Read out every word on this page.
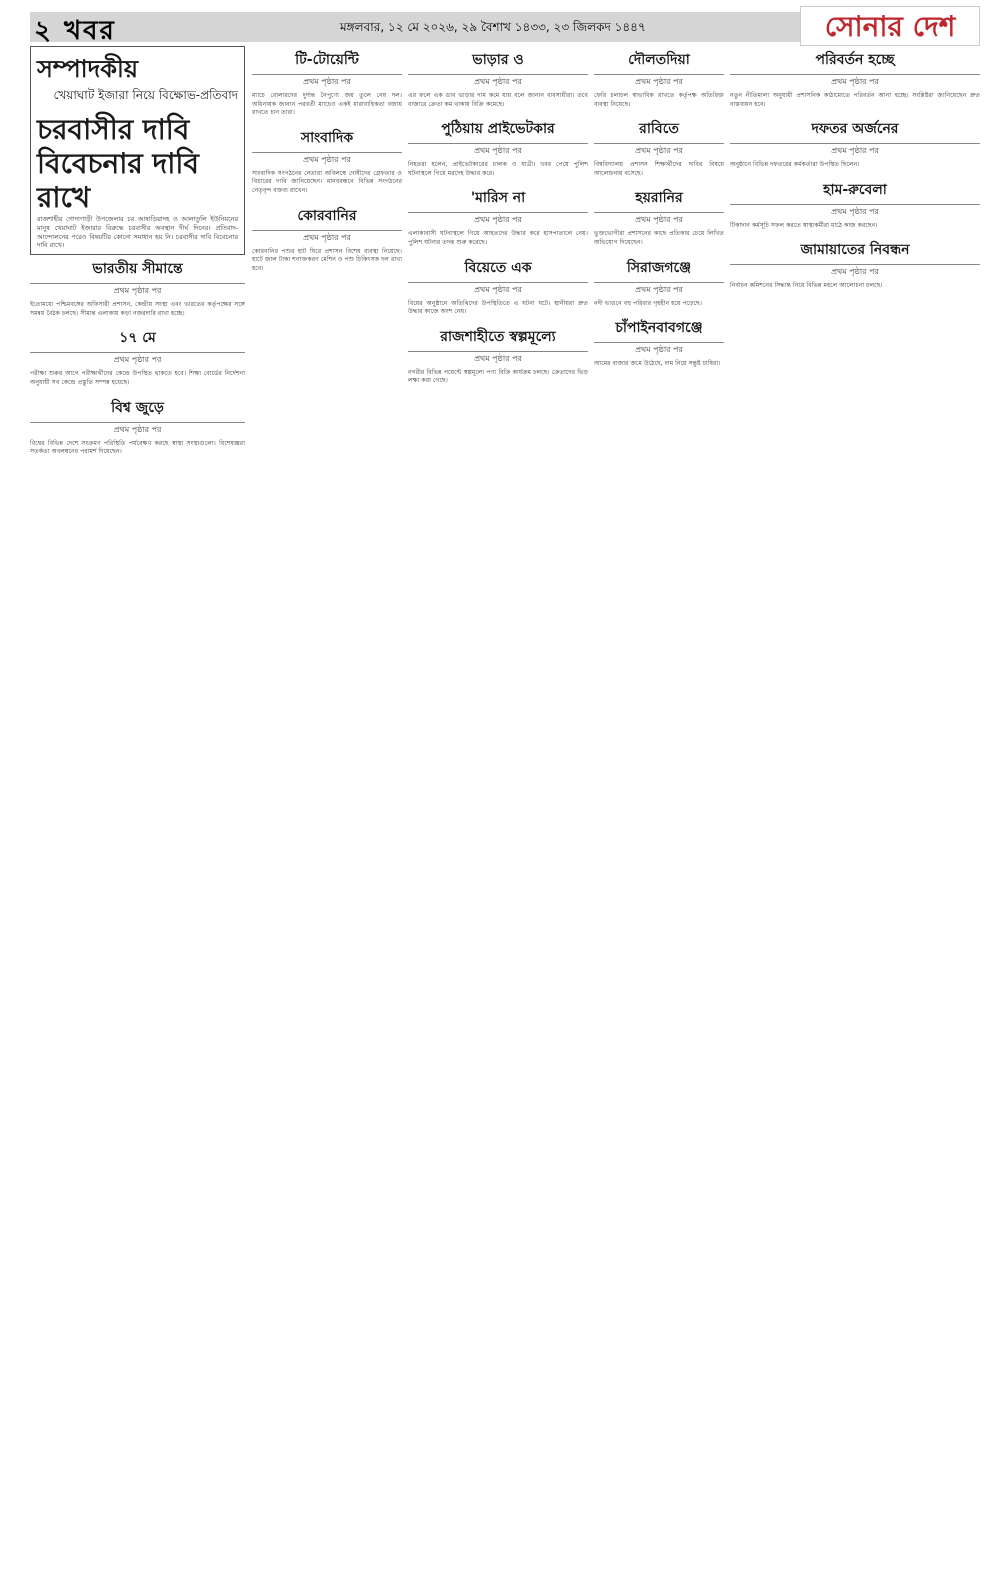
২ খবর	মঙ্গলবার, ১২ মে ২০২৬, ২৯ বৈশাখ ১৪৩৩, ২৩ জিলকদ ১৪৪৭	সোনার দেশ
সম্পাদকীয়
খেয়াঘাট ইজারা নিয়ে বিক্ষোভ-প্রতিবাদ
চরবাসীর দাবি বিবেচনার দাবি রাখে
রাজশাহীর গোদাগাড়ী উপজেলার চর আষাড়িয়াদহ ও আলাতুলি ইউনিয়নের মানুষ খেয়াঘাট ইজারার বিরুদ্ধে চরবাসীর অবস্থান দীর্ঘ দিনের। প্রতিবাদ-আন্দোলনের পরেও বিষয়টির কোনো সমাধান হয় নি। চরবাসীর দাবি বিবেচনার দাবি রাখে।
ভারতীয় সীমান্তে
প্রথম পৃষ্ঠার পর
ইতোমধ্যে পশ্চিমবঙ্গের অফিসারী প্রশাসন, কেন্দ্রীয় সংস্থা এবং ভারতের কর্তৃপক্ষের সঙ্গে সমন্বয় বৈঠক চলছে। সীমান্ত এলাকায় কড়া নজরদারি রাখা হচ্ছে।
১৭ মে
প্রথম পৃষ্ঠার পর
পরীক্ষা শুরুর আগে পরীক্ষার্থীদের কেন্দ্রে উপস্থিত থাকতে হবে। শিক্ষা বোর্ডের নির্দেশনা অনুযায়ী সব কেন্দ্রে প্রস্তুতি সম্পন্ন হয়েছে।
বিশ্ব জুড়ে
প্রথম পৃষ্ঠার পর
বিশ্বের বিভিন্ন দেশে সংক্রমণ পরিস্থিতি পর্যবেক্ষণ করছে স্বাস্থ্য সংস্থাগুলো। বিশেষজ্ঞরা সতর্কতা অবলম্বনের পরামর্শ দিয়েছেন।
টি-টোয়েন্টি
প্রথম পৃষ্ঠার পর
ম্যাচে বোলারদের দুর্দান্ত নৈপুণ্যে জয় তুলে নেয় দল। অধিনায়ক জানান পরবর্তী ম্যাচেও একই ধারাবাহিকতা বজায় রাখতে চান তারা।
সাংবাদিক
প্রথম পৃষ্ঠার পর
সাংবাদিক সংগঠনের নেতারা অবিলম্বে দোষীদের গ্রেফতার ও বিচারের দাবি জানিয়েছেন। মানববন্ধনে বিভিন্ন সংগঠনের নেতৃবৃন্দ বক্তব্য রাখেন।
কোরবানির
প্রথম পৃষ্ঠার পর
কোরবানির পশুর হাট ঘিরে প্রশাসন বিশেষ ব্যবস্থা নিয়েছে। হাটে জাল টাকা শনাক্তকরণ মেশিন ও পশু চিকিৎসক দল রাখা হবে।
ভাড়ার ও
প্রথম পৃষ্ঠার পর
এর ফলে এক ডাব ভাড়ার দাম কমে যায় বলে জানান ব্যবসায়ীরা। তবে বাজারে ক্রেতা কম থাকায় বিক্রি কমেছে।
পুঠিয়ায় প্রাইভেটকার
প্রথম পৃষ্ঠার পর
নিহতরা হলেন, প্রাইভেটকারের চালক ও যাত্রী। খবর পেয়ে পুলিশ ঘটনাস্থলে গিয়ে মরদেহ উদ্ধার করে।
'মারিস না
প্রথম পৃষ্ঠার পর
এলাকাবাসী ঘটনাস্থলে গিয়ে আহতদের উদ্ধার করে হাসপাতালে নেয়। পুলিশ ঘটনার তদন্ত শুরু করেছে।
বিয়েতে এক
প্রথম পৃষ্ঠার পর
বিয়ের অনুষ্ঠানে অতিথিদের উপস্থিতিতে এ ঘটনা ঘটে। স্থানীয়রা দ্রুত উদ্ধার কাজে অংশ নেয়।
রাজশাহীতে স্বল্পমূল্যে
প্রথম পৃষ্ঠার পর
নগরীর বিভিন্ন পয়েন্টে স্বল্পমূল্যে পণ্য বিক্রি কার্যক্রম চলছে। ক্রেতাদের ভিড় লক্ষ্য করা গেছে।
দৌলতদিয়া
প্রথম পৃষ্ঠার পর
ফেরি চলাচল স্বাভাবিক রাখতে কর্তৃপক্ষ অতিরিক্ত ব্যবস্থা নিয়েছে।
রাবিতে
প্রথম পৃষ্ঠার পর
বিশ্ববিদ্যালয় প্রশাসন শিক্ষার্থীদের দাবির বিষয়ে আলোচনায় বসেছে।
হয়রানির
প্রথম পৃষ্ঠার পর
ভুক্তভোগীরা প্রশাসনের কাছে প্রতিকার চেয়ে লিখিত অভিযোগ দিয়েছেন।
সিরাজগঞ্জে
প্রথম পৃষ্ঠার পর
নদী ভাঙনে বহু পরিবার গৃহহীন হয়ে পড়েছে।
চাঁপাইনবাবগঞ্জে
প্রথম পৃষ্ঠার পর
আমের বাজার জমে উঠেছে, দাম নিয়ে সন্তুষ্ট চাষিরা।
পরিবর্তন হচ্ছে
প্রথম পৃষ্ঠার পর
নতুন নীতিমালা অনুযায়ী প্রশাসনিক কাঠামোতে পরিবর্তন আনা হচ্ছে। সংশ্লিষ্টরা জানিয়েছেন দ্রুত বাস্তবায়ন হবে।
দফতর অর্জনের
প্রথম পৃষ্ঠার পর
অনুষ্ঠানে বিভিন্ন দফতরের কর্মকর্তারা উপস্থিত ছিলেন।
হাম-রুবেলা
প্রথম পৃষ্ঠার পর
টিকাদান কর্মসূচি সফল করতে স্বাস্থ্যকর্মীরা মাঠে কাজ করছেন।
জামায়াতের নিবন্ধন
প্রথম পৃষ্ঠার পর
নির্বাচন কমিশনের সিদ্ধান্ত নিয়ে বিভিন্ন মহলে আলোচনা চলছে।
